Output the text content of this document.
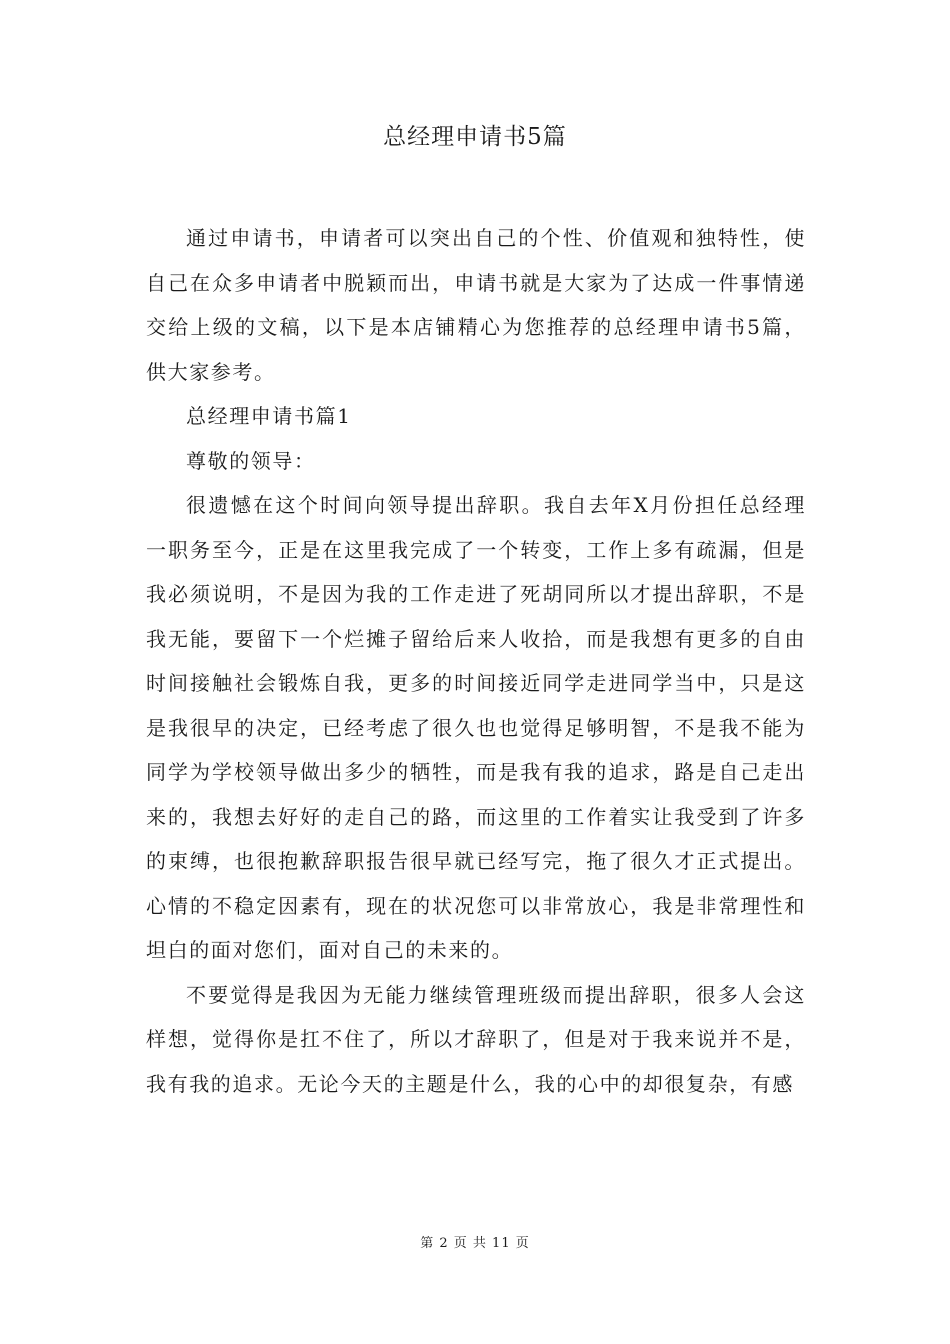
总经理申请书5篇

通过申请书，申请者可以突出自己的个性、价值观和独特性，使自己在众多申请者中脱颖而出，申请书就是大家为了达成一件事情递交给上级的文稿，以下是本店铺精心为您推荐的总经理申请书5篇，供大家参考。

总经理申请书篇1

尊敬的领导：

很遗憾在这个时间向领导提出辞职。我自去年X月份担任总经理一职务至今，正是在这里我完成了一个转变，工作上多有疏漏，但是我必须说明，不是因为我的工作走进了死胡同所以才提出辞职，不是我无能，要留下一个烂摊子留给后来人收拾，而是我想有更多的自由时间接触社会锻炼自我，更多的时间接近同学走进同学当中，只是这是我很早的决定，已经考虑了很久也也觉得足够明智，不是我不能为同学为学校领导做出多少的牺牲，而是我有我的追求，路是自己走出来的，我想去好好的走自己的路，而这里的工作着实让我受到了许多的束缚，也很抱歉辞职报告很早就已经写完，拖了很久才正式提出。心情的不稳定因素有，现在的状况您可以非常放心，我是非常理性和坦白的面对您们，面对自己的未来的。

不要觉得是我因为无能力继续管理班级而提出辞职，很多人会这样想，觉得你是扛不住了，所以才辞职了，但是对于我来说并不是，我有我的追求。无论今天的主题是什么，我的心中的却很复杂，有感

第 2 页 共 11 页
